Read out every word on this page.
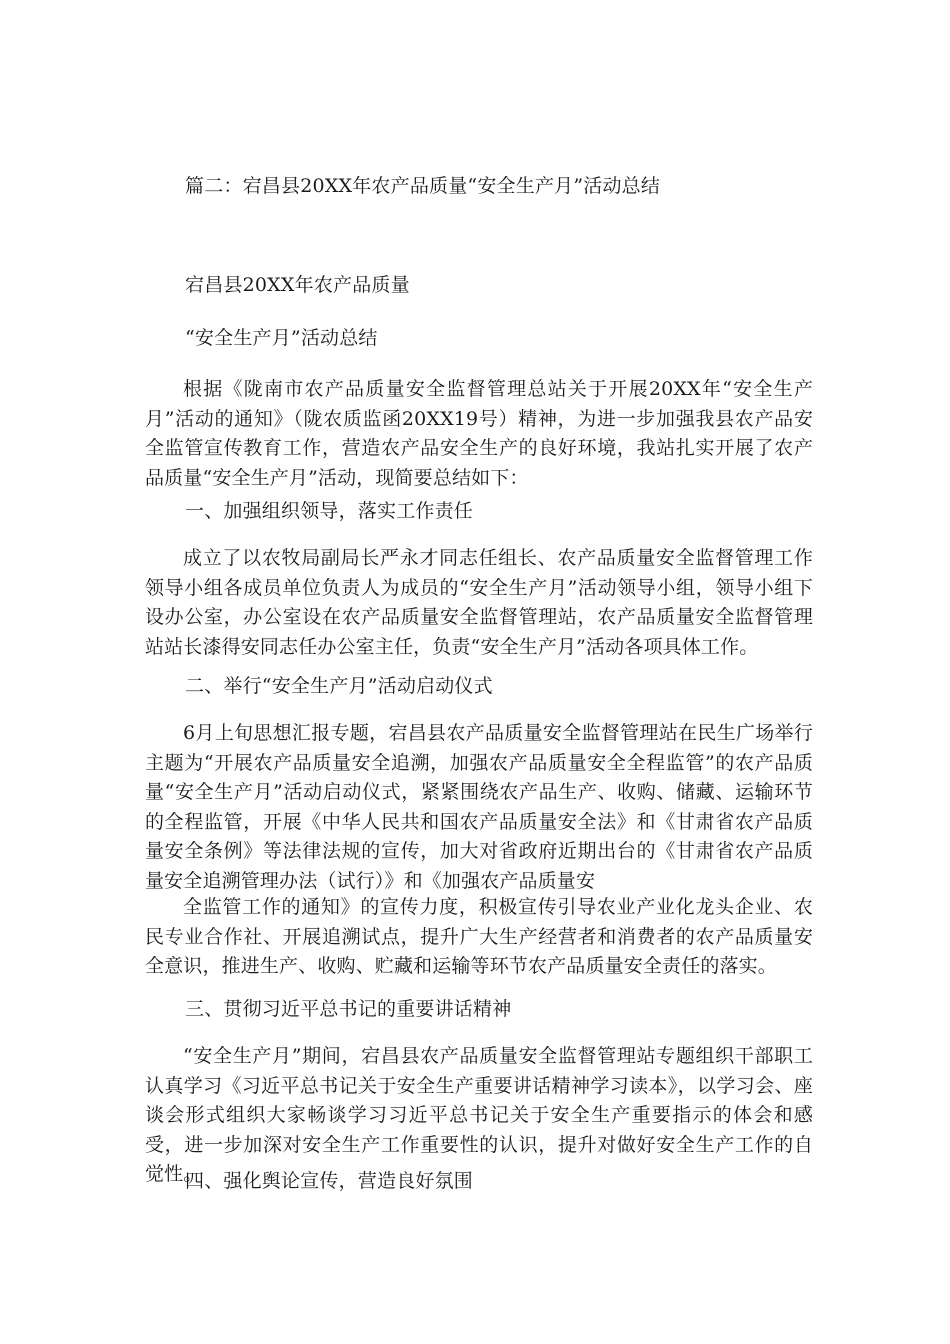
篇二：宕昌县20XX年农产品质量“安全生产月”活动总结
宕昌县20XX年农产品质量
“安全生产月”活动总结
根据《陇南市农产品质量安全监督管理总站关于开展20XX年“安全生产月”活动的通知》（陇农质监函20XX19号）精神，为进一步加强我县农产品安全监管宣传教育工作，营造农产品安全生产的良好环境，我站扎实开展了农产品质量“安全生产月”活动，现简要总结如下：
一、加强组织领导，落实工作责任
成立了以农牧局副局长严永才同志任组长、农产品质量安全监督管理工作领导小组各成员单位负责人为成员的“安全生产月”活动领导小组，领导小组下设办公室，办公室设在农产品质量安全监督管理站，农产品质量安全监督管理站站长漆得安同志任办公室主任，负责“安全生产月”活动各项具体工作。
二、举行“安全生产月”活动启动仪式
6月上旬思想汇报专题，宕昌县农产品质量安全监督管理站在民生广场举行主题为“开展农产品质量安全追溯，加强农产品质量安全全程监管”的农产品质量“安全生产月”活动启动仪式，紧紧围绕农产品生产、收购、储藏、运输环节的全程监管，开展《中华人民共和国农产品质量安全法》和《甘肃省农产品质量安全条例》等法律法规的宣传，加大对省政府近期出台的《甘肃省农产品质量安全追溯管理办法（试行）》和《加强农产品质量安
全监管工作的通知》的宣传力度，积极宣传引导农业产业化龙头企业、农民专业合作社、开展追溯试点，提升广大生产经营者和消费者的农产品质量安全意识，推进生产、收购、贮藏和运输等环节农产品质量安全责任的落实。
三、贯彻习近平总书记的重要讲话精神
“安全生产月”期间，宕昌县农产品质量安全监督管理站专题组织干部职工认真学习《习近平总书记关于安全生产重要讲话精神学习读本》，以学习会、座谈会形式组织大家畅谈学习习近平总书记关于安全生产重要指示的体会和感受，进一步加深对安全生产工作重要性的认识，提升对做好安全生产工作的自觉性。
四、强化舆论宣传，营造良好氛围
